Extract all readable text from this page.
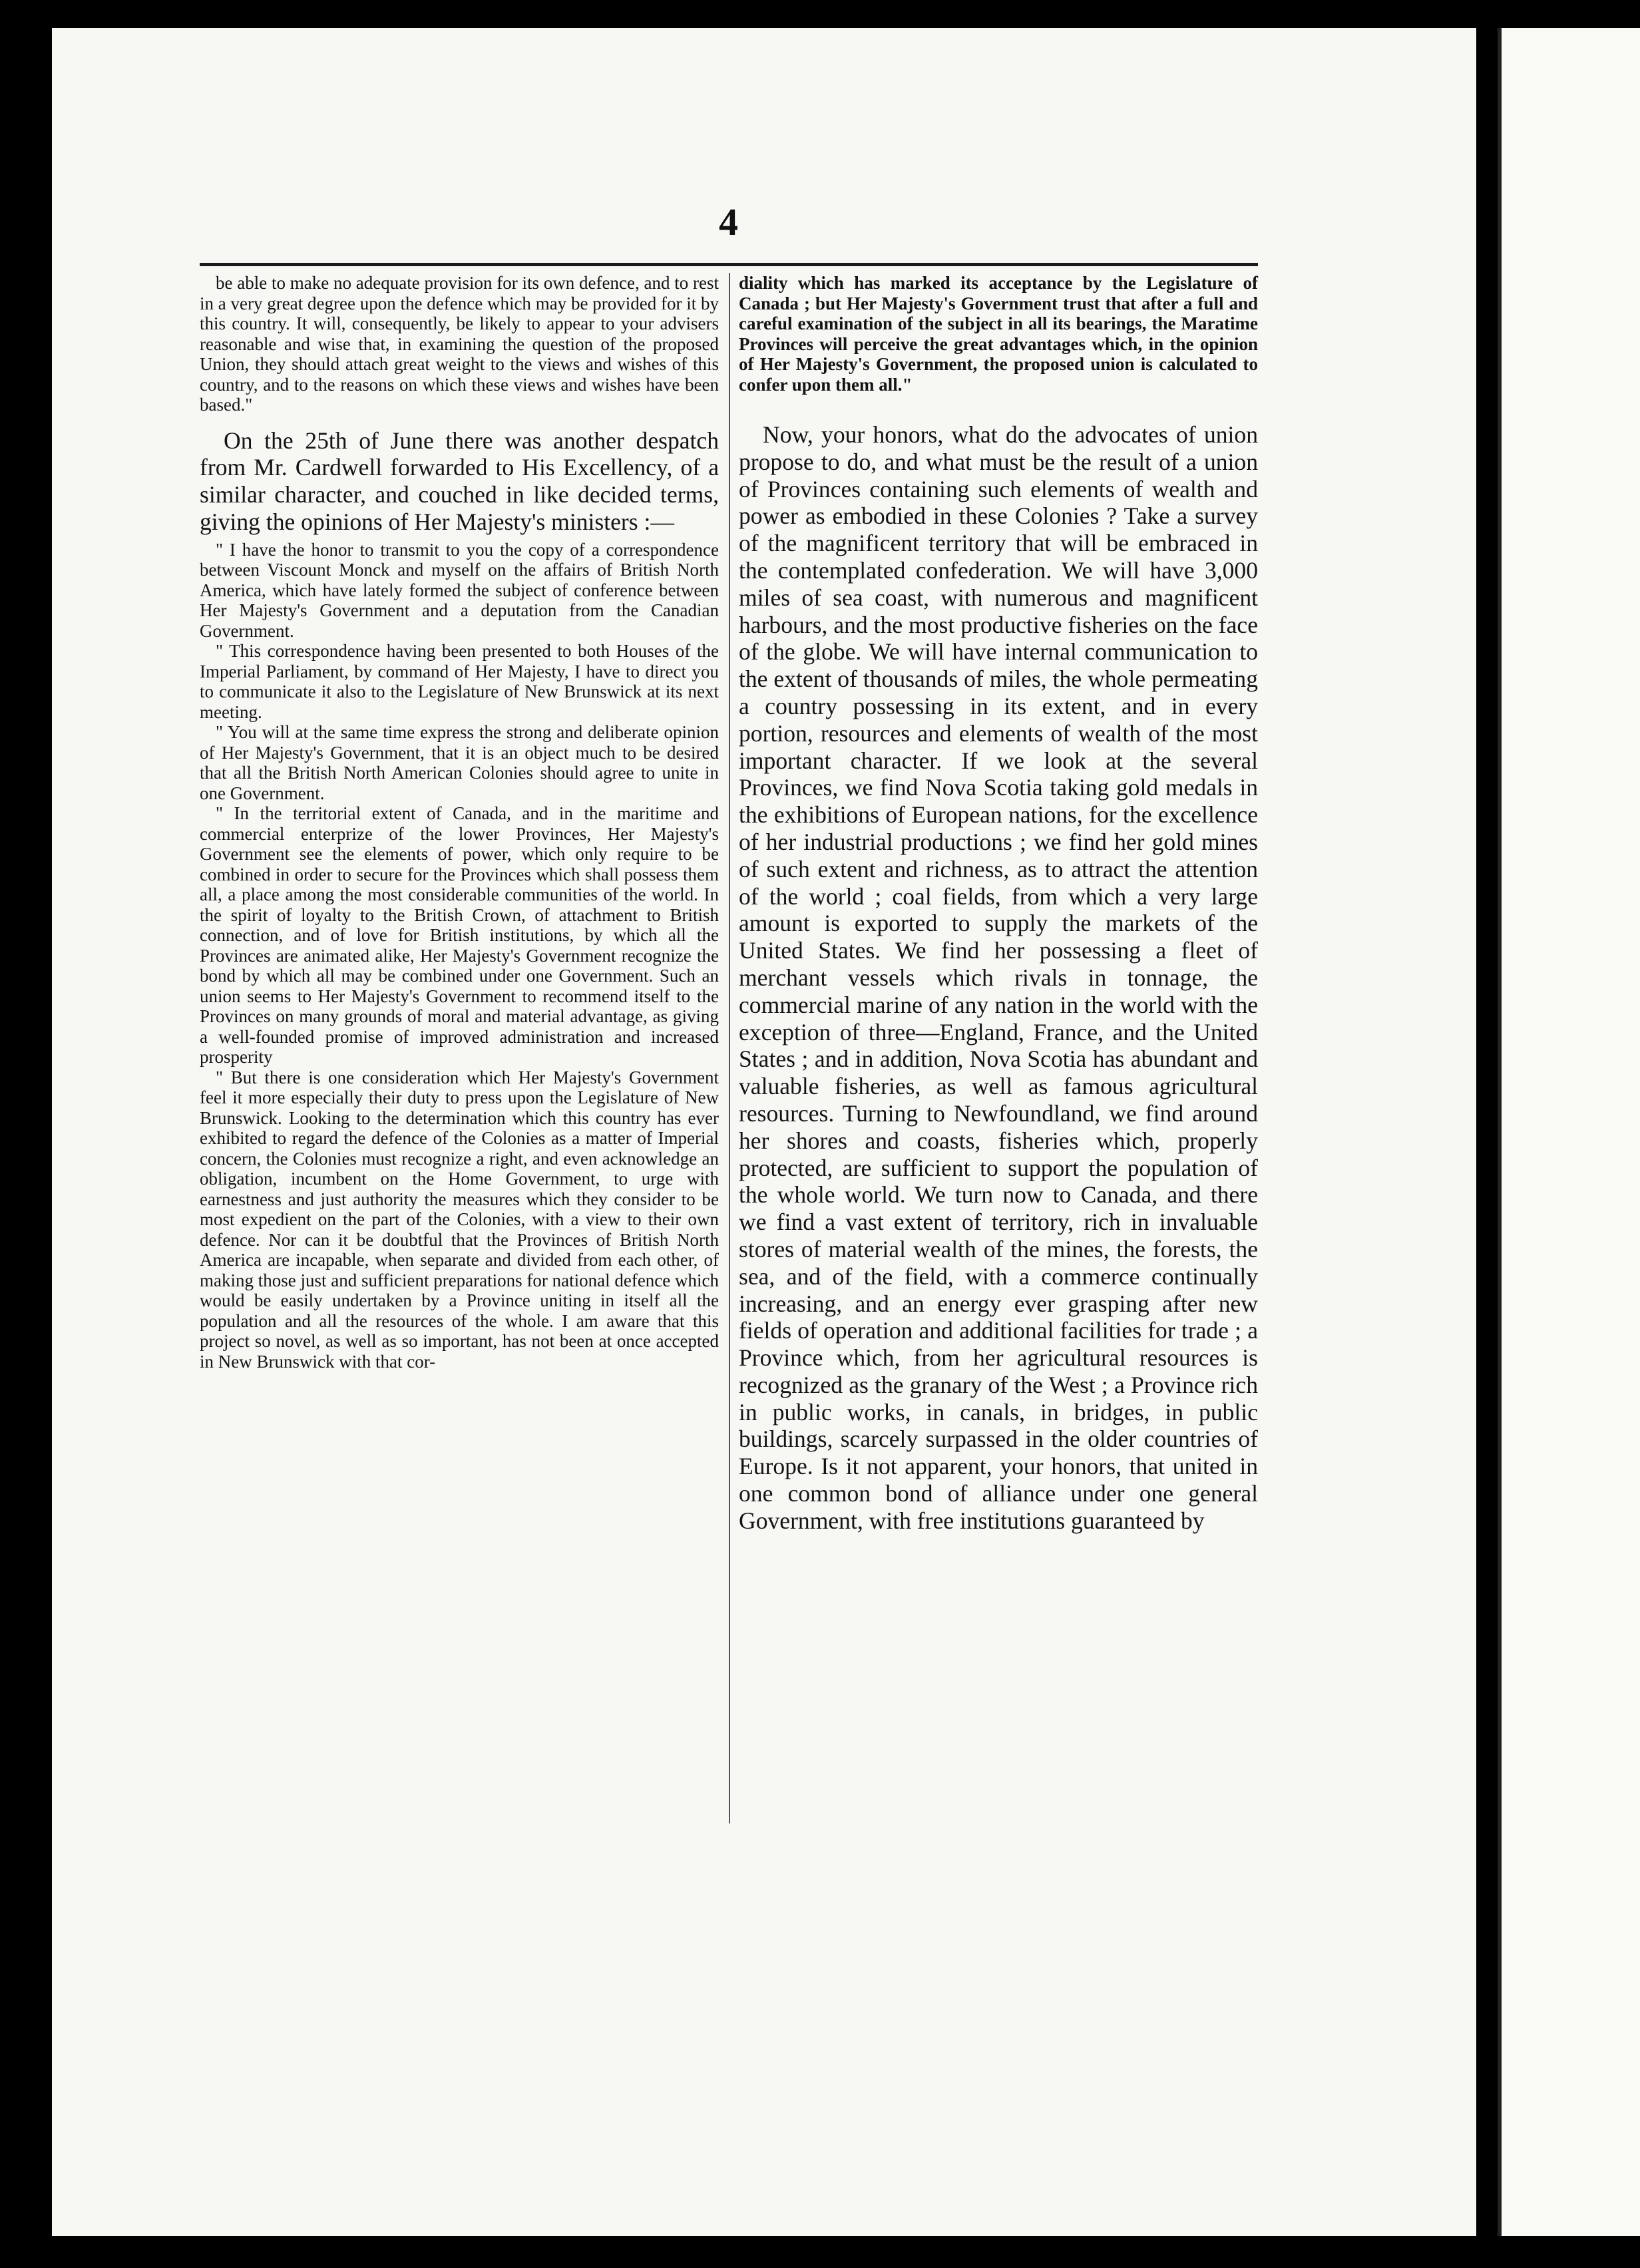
4

be able to make no adequate provision for its own defence, and to rest in a very great degree upon the defence which may be provided for it by this country. It will, consequently, be likely to appear to your advisers reasonable and wise that, in examining the question of the proposed Union, they should attach great weight to the views and wishes of this country, and to the reasons on which these views and wishes have been based."

On the 25th of June there was another despatch from Mr. Cardwell forwarded to His Excellency, of a similar character, and couched in like decided terms, giving the opinions of Her Majesty's ministers :—

" I have the honor to transmit to you the copy of a correspondence between Viscount Monck and myself on the affairs of British North America, which have lately formed the subject of conference between Her Majesty's Government and a deputation from the Canadian Government.

" This correspondence having been presented to both Houses of the Imperial Parliament, by command of Her Majesty, I have to direct you to communicate it also to the Legislature of New Brunswick at its next meeting.

" You will at the same time express the strong and deliberate opinion of Her Majesty's Government, that it is an object much to be desired that all the British North American Colonies should agree to unite in one Government.

" In the territorial extent of Canada, and in the maritime and commercial enterprize of the lower Provinces, Her Majesty's Government see the elements of power, which only require to be combined in order to secure for the Provinces which shall possess them all, a place among the most considerable communities of the world. In the spirit of loyalty to the British Crown, of attachment to British connection, and of love for British institutions, by which all the Provinces are animated alike, Her Majesty's Government recognize the bond by which all may be combined under one Government. Such an union seems to Her Majesty's Government to recommend itself to the Provinces on many grounds of moral and material advantage, as giving a well-founded promise of improved administration and increased prosperity

" But there is one consideration which Her Majesty's Government feel it more especially their duty to press upon the Legislature of New Brunswick. Looking to the determination which this country has ever exhibited to regard the defence of the Colonies as a matter of Imperial concern, the Colonies must recognize a right, and even acknowledge an obligation, incumbent on the Home Government, to urge with earnestness and just authority the measures which they consider to be most expedient on the part of the Colonies, with a view to their own defence. Nor can it be doubtful that the Provinces of British North America are incapable, when separate and divided from each other, of making those just and sufficient preparations for national defence which would be easily undertaken by a Province uniting in itself all the population and all the resources of the whole. I am aware that this project so novel, as well as so important, has not been at once accepted in New Brunswick with that cor-

diality which has marked its acceptance by the Legislature of Canada ; but Her Majesty's Government trust that after a full and careful examination of the subject in all its bearings, the Maratime Provinces will perceive the great advantages which, in the opinion of Her Majesty's Government, the proposed union is calculated to confer upon them all."

Now, your honors, what do the advocates of union propose to do, and what must be the result of a union of Provinces containing such elements of wealth and power as embodied in these Colonies ? Take a survey of the magnificent territory that will be embraced in the contemplated confederation. We will have 3,000 miles of sea coast, with numerous and magnificent harbours, and the most productive fisheries on the face of the globe. We will have internal communication to the extent of thousands of miles, the whole permeating a country possessing in its extent, and in every portion, resources and elements of wealth of the most important character. If we look at the several Provinces, we find Nova Scotia taking gold medals in the exhibitions of European nations, for the excellence of her industrial productions ; we find her gold mines of such extent and richness, as to attract the attention of the world ; coal fields, from which a very large amount is exported to supply the markets of the United States. We find her possessing a fleet of merchant vessels which rivals in tonnage, the commercial marine of any nation in the world with the exception of three—England, France, and the United States ; and in addition, Nova Scotia has abundant and valuable fisheries, as well as famous agricultural resources. Turning to Newfoundland, we find around her shores and coasts, fisheries which, properly protected, are sufficient to support the population of the whole world. We turn now to Canada, and there we find a vast extent of territory, rich in invaluable stores of material wealth of the mines, the forests, the sea, and of the field, with a commerce continually increasing, and an energy ever grasping after new fields of operation and additional facilities for trade ; a Province which, from her agricultural resources is recognized as the granary of the West ; a Province rich in public works, in canals, in bridges, in public buildings, scarcely surpassed in the older countries of Europe. Is it not apparent, your honors, that united in one common bond of alliance under one general Government, with free institutions guaranteed by
